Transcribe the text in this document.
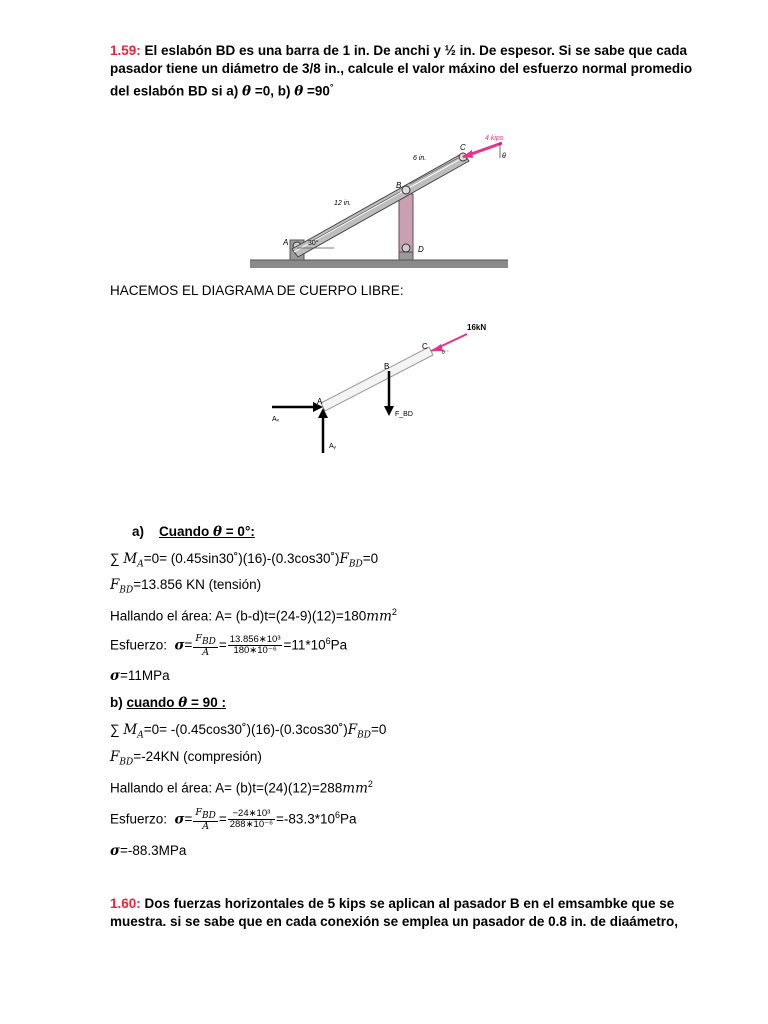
1.59: El eslabón BD es una barra de 1 in. De anchi y ½ in. De espesor. Si se sabe que cada
pasador tiene un diámetro de 3/8 in., calcule el valor máxino del esfuerzo normal promedio
del eslabón BD si a) θ =0, b) θ =90°
4 kips
6 in.
12 in.
30°
A
B
C
D
θ
HACEMOS EL DIAGRAMA DE CUERPO LIBRE:
16kN
A
B
C
Aₓ
Aᵧ
F_BD
θ
a) Cuando θ = 0°:
∑ $M_A=0=$ $(0.45\sin 30˚)(16)-(0.3\cos 30˚)F_{BD}=0$
$F_{BD}=13.856$ KN (tensión)
Hallando el área: $A= (b-d)t=(24-9)(12)=180mm^2$
Esfuerzo: $\sigma= \frac{F_{BD}}{A} = \frac{\text{13.856∗10³}}{\text{180∗10⁻⁶}} =11*10^6Pa$
σ=11MPa
b) cuando θ = 90 :
∑ $M_A=0=$ $-(0.45\cos 30˚)(16)-(0.3\cos 30˚)F_{BD}=0$
$F_{BD}=-24KN$ (compresión)
Hallando el área: $A= (b)t=(24)(12)=288mm^2$
Esfuerzo: $\sigma= \frac{F_{BD}}{A} = \frac{\text{−24∗10³}}{\text{288∗10⁻⁶}} =-83.3*10^6Pa$
σ=-88.3MPa
1.60: Dos fuerzas horizontales de 5 kips se aplican al pasador B en el emsambke que se
muestra. si se sabe que en cada conexión se emplea un pasador de 0.8 in. de diaámetro,
